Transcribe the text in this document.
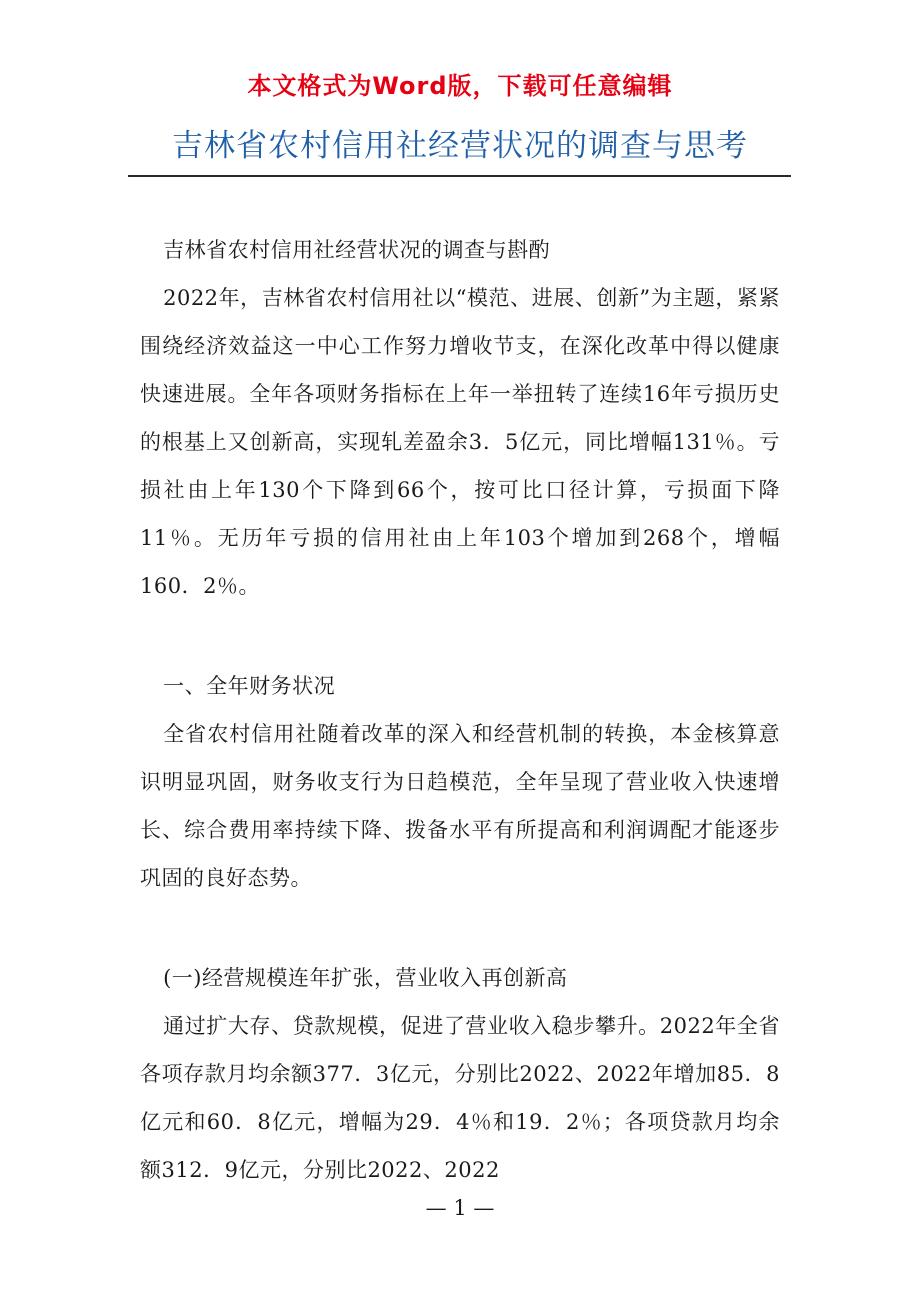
本文格式为Word版，下载可任意编辑
吉林省农村信用社经营状况的调查与思考

吉林省农村信用社经营状况的调查与斟酌

2022年，吉林省农村信用社以“模范、进展、创新”为主题，紧紧围绕经济效益这一中心工作努力增收节支，在深化改革中得以健康快速进展。全年各项财务指标在上年一举扭转了连续16年亏损历史的根基上又创新高，实现轧差盈余3．5亿元，同比增幅131％。亏损社由上年130个下降到66个，按可比口径计算，亏损面下降11％。无历年亏损的信用社由上年103个增加到268个，增幅160．2％。

一、全年财务状况

全省农村信用社随着改革的深入和经营机制的转换，本金核算意识明显巩固，财务收支行为日趋模范，全年呈现了营业收入快速增长、综合费用率持续下降、拨备水平有所提高和利润调配才能逐步巩固的良好态势。

(一)经营规模连年扩张，营业收入再创新高

通过扩大存、贷款规模，促进了营业收入稳步攀升。2022年全省各项存款月均余额377．3亿元，分别比2022、2022年增加85．8亿元和60．8亿元，增幅为29．4％和19．2％；各项贷款月均余额312．9亿元，分别比2022、2022

— 1 —
